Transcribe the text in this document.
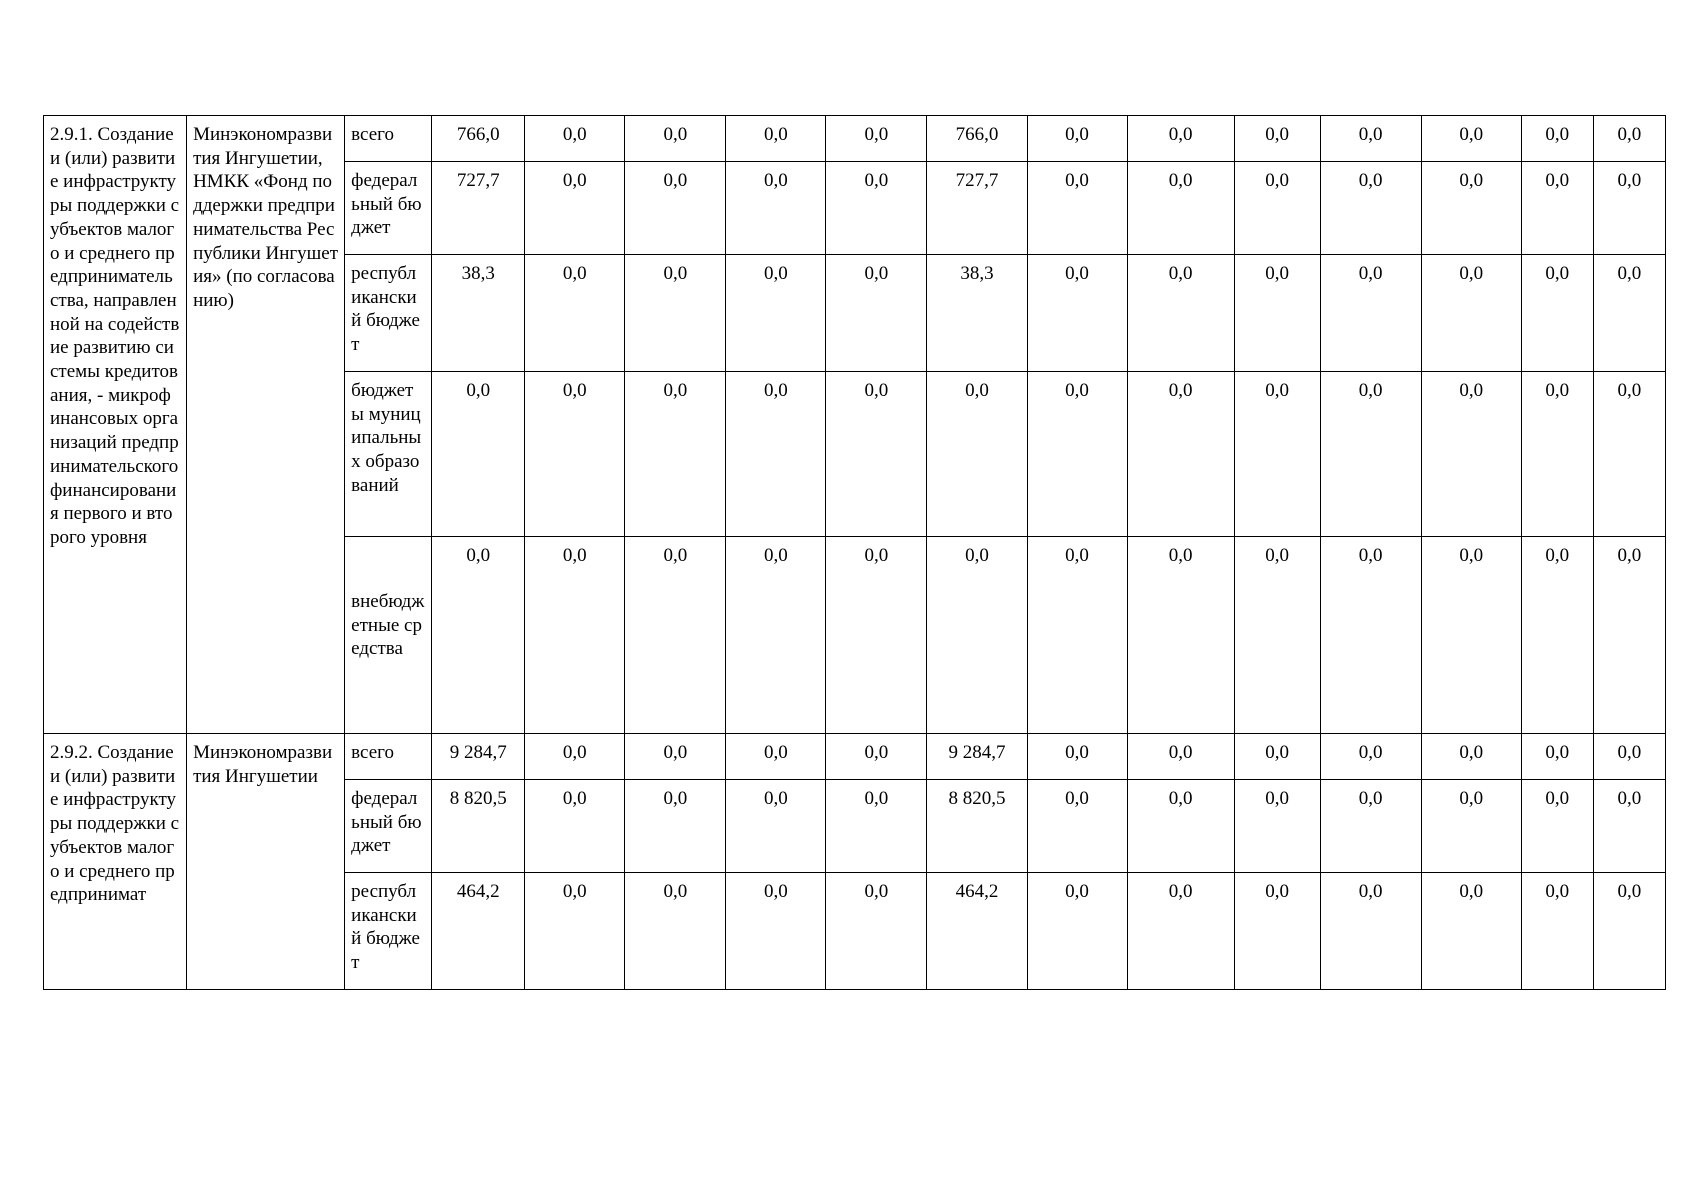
2.9.1. Создание и (или) развитие инфраструктуры поддержки субъектов малого и среднего предпринимательства, направленной на содействие развитию системы кредитования, - микрофинансовых организаций предпринимательского финансирования первого и второго уровня	Минэкономразвития Ингушетии, НМКК «Фонд поддержки предпринимательства Республики Ингушетия» (по согласованию)	всего	766,0	0,0	0,0	0,0	0,0	766,0	0,0	0,0	0,0	0,0	0,0	0,0	0,0
		федеральный бюджет	727,7	0,0	0,0	0,0	0,0	727,7	0,0	0,0	0,0	0,0	0,0	0,0	0,0
		республиканский бюджет	38,3	0,0	0,0	0,0	0,0	38,3	0,0	0,0	0,0	0,0	0,0	0,0	0,0
		бюджеты муниципальных образований	0,0	0,0	0,0	0,0	0,0	0,0	0,0	0,0	0,0	0,0	0,0	0,0	0,0
		внебюджетные средства	0,0	0,0	0,0	0,0	0,0	0,0	0,0	0,0	0,0	0,0	0,0	0,0	0,0
2.9.2. Создание и (или) развитие инфраструктуры поддержки субъектов малого и среднего предпринимат	Минэкономразвития Ингушетии	всего	9 284,7	0,0	0,0	0,0	0,0	9 284,7	0,0	0,0	0,0	0,0	0,0	0,0	0,0
		федеральный бюджет	8 820,5	0,0	0,0	0,0	0,0	8 820,5	0,0	0,0	0,0	0,0	0,0	0,0	0,0
		республиканский бюджет	464,2	0,0	0,0	0,0	0,0	464,2	0,0	0,0	0,0	0,0	0,0	0,0	0,0
